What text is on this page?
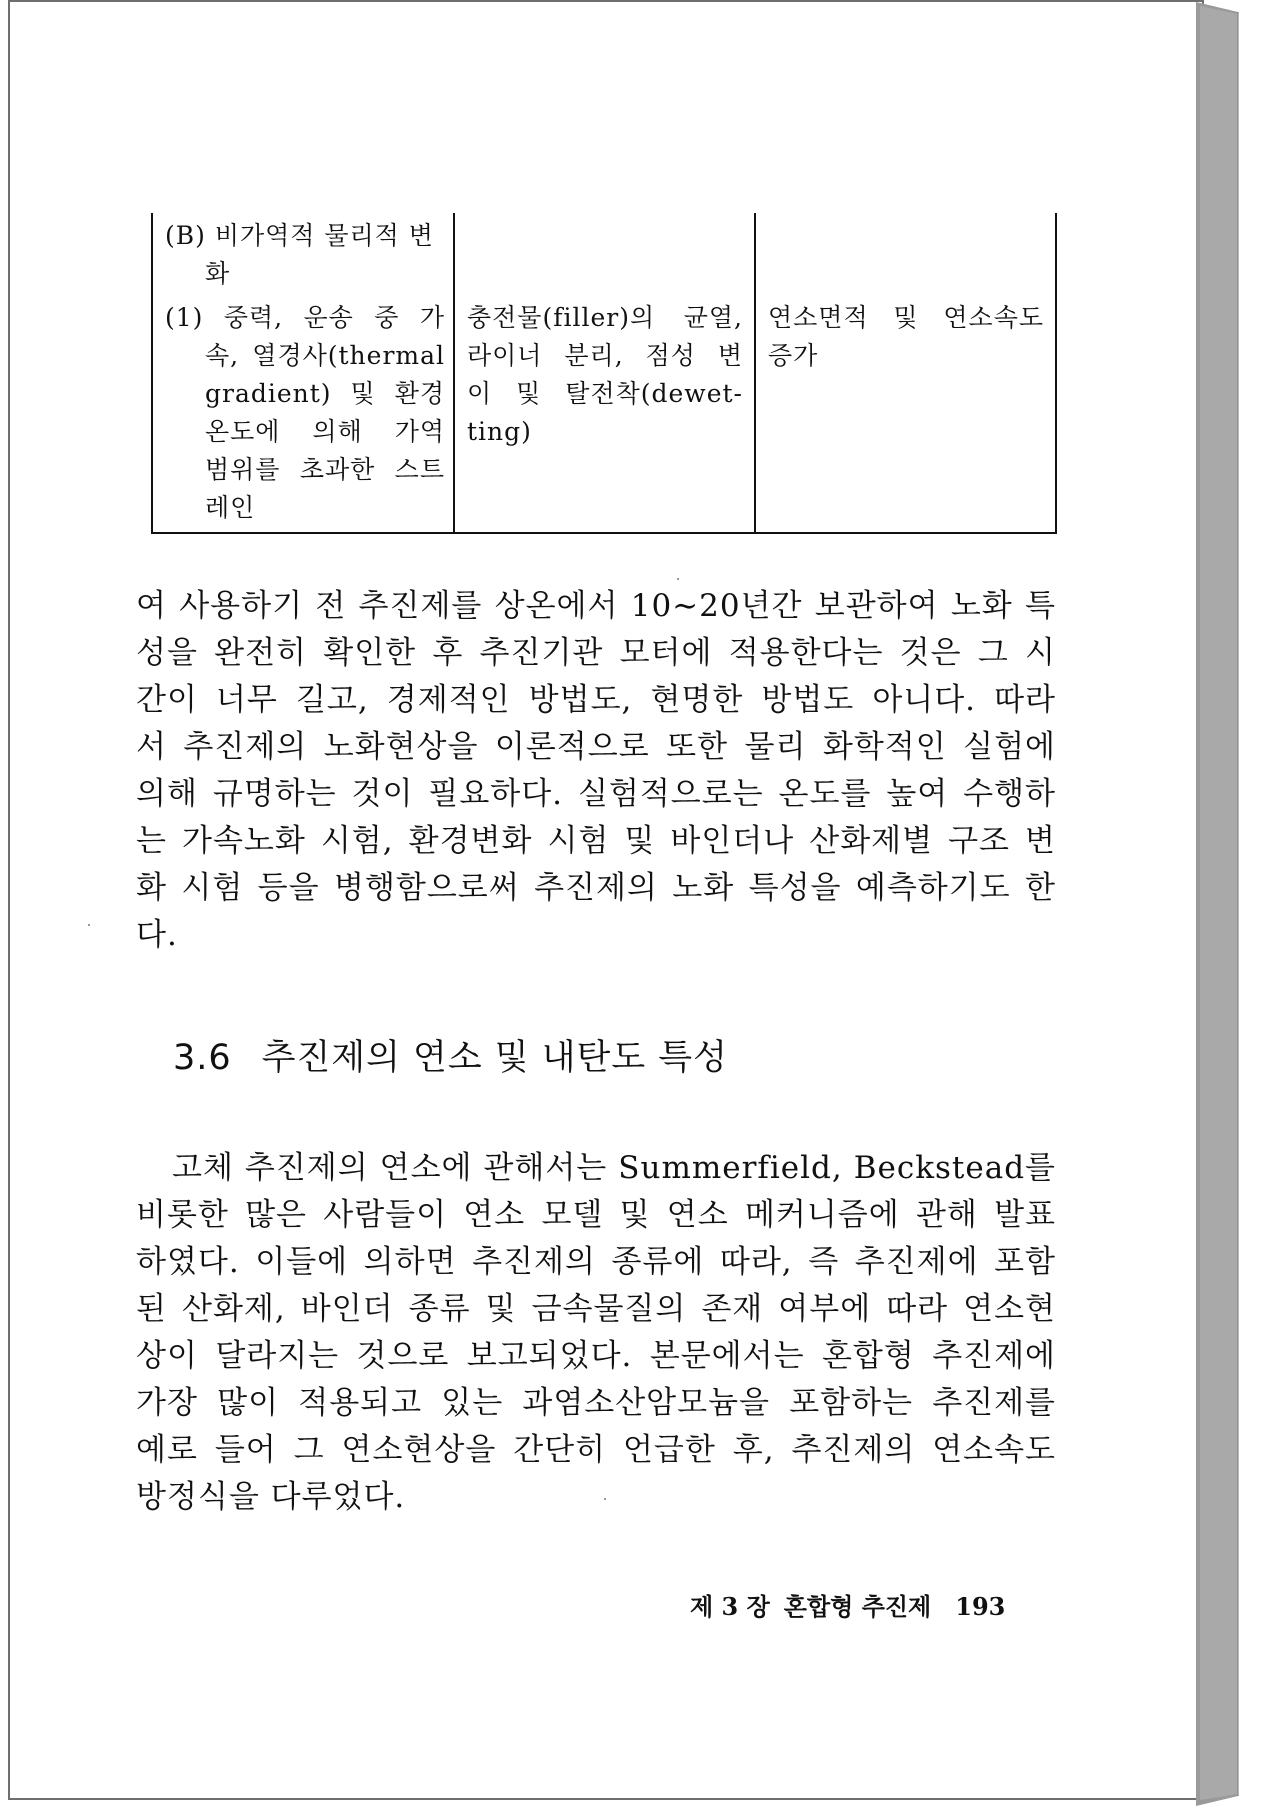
(B) 비가역적 물리적 변
화
(1) 중력, 운송 중 가
속, 열경사(thermal
gradient) 및 환경
온도에 의해 가역
범위를 초과한 스트
레인
충전물(filler)의 균열,
라이너 분리, 점성 변
이 및 탈전착(dewet-
ting)
연소면적 및 연소속도
증가
여 사용하기 전 추진제를 상온에서 10∼20년간 보관하여 노화 특
성을 완전히 확인한 후 추진기관 모터에 적용한다는 것은 그 시
간이 너무 길고, 경제적인 방법도, 현명한 방법도 아니다. 따라
서 추진제의 노화현상을 이론적으로 또한 물리 화학적인 실험에
의해 규명하는 것이 필요하다. 실험적으로는 온도를 높여 수행하
는 가속노화 시험, 환경변화 시험 및 바인더나 산화제별 구조 변
화 시험 등을 병행함으로써 추진제의 노화 특성을 예측하기도 한
다.
3.6 추진제의 연소 및 내탄도 특성
고체 추진제의 연소에 관해서는 Summerfield, Beckstead를
비롯한 많은 사람들이 연소 모델 및 연소 메커니즘에 관해 발표
하였다. 이들에 의하면 추진제의 종류에 따라, 즉 추진제에 포함
된 산화제, 바인더 종류 및 금속물질의 존재 여부에 따라 연소현
상이 달라지는 것으로 보고되었다. 본문에서는 혼합형 추진제에
가장 많이 적용되고 있는 과염소산암모늄을 포함하는 추진제를
예로 들어 그 연소현상을 간단히 언급한 후, 추진제의 연소속도
방정식을 다루었다.
제 3 장 혼합형 추진제 193
